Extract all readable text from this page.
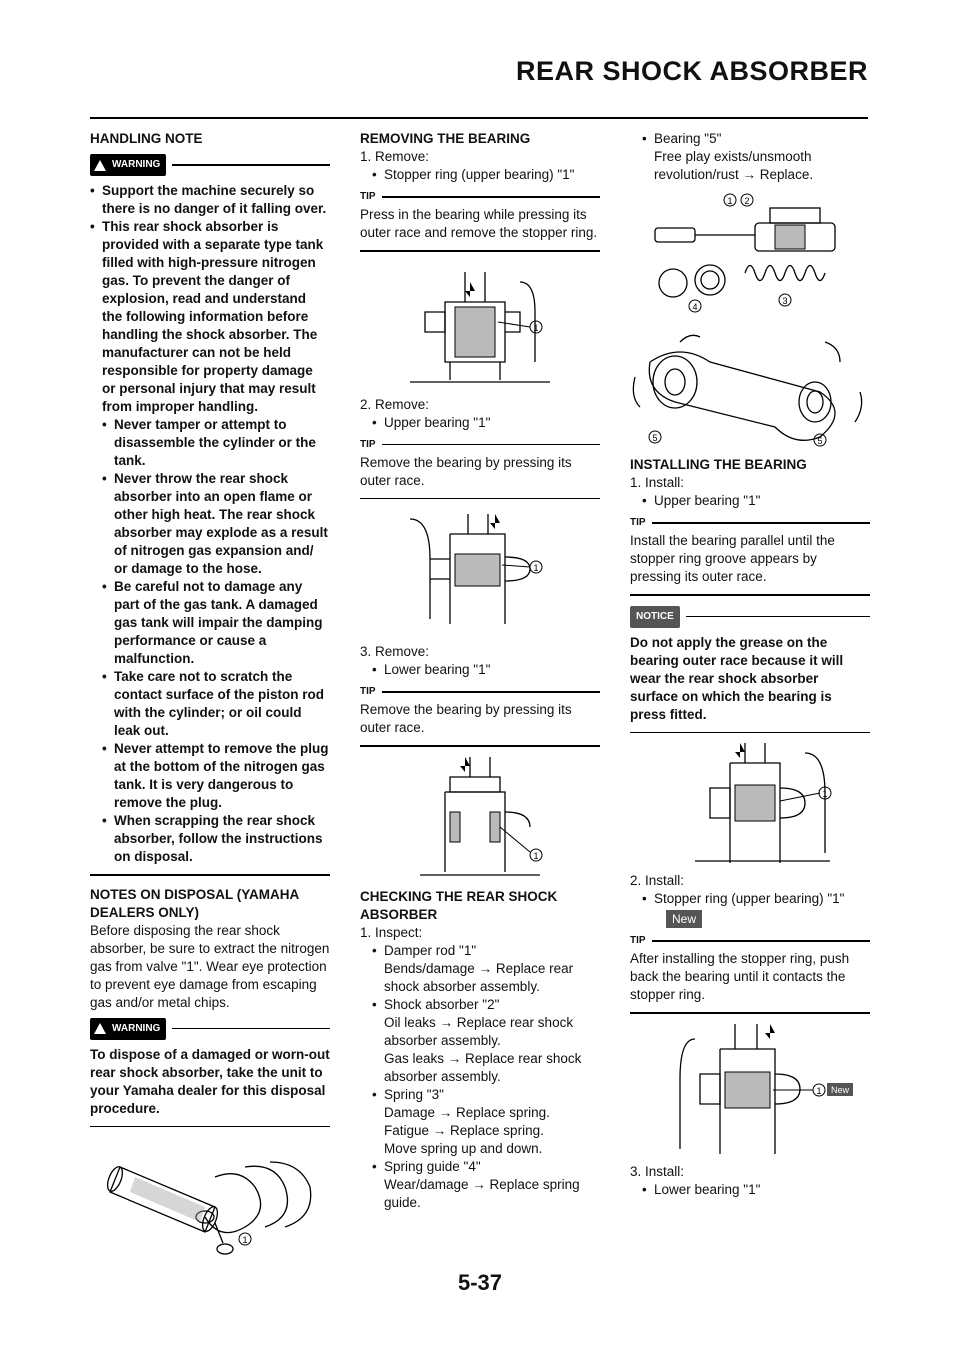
REAR SHOCK ABSORBER

HANDLING NOTE

WARNING
• Support the machine securely so there is no danger of it falling over.
• This rear shock absorber is provided with a separate type tank filled with high-pressure nitrogen gas. To prevent the danger of explosion, read and understand the following information before handling the shock absorber. The manufacturer can not be held responsible for property damage or personal injury that may result from improper handling.
• Never tamper or attempt to disassemble the cylinder or the tank.
• Never throw the rear shock absorber into an open flame or other high heat. The rear shock absorber may explode as a result of nitrogen gas expansion and/ or damage to the hose.
• Be careful not to damage any part of the gas tank. A damaged gas tank will impair the damping performance or cause a malfunction.
• Take care not to scratch the contact surface of the piston rod with the cylinder; or oil could leak out.
• Never attempt to remove the plug at the bottom of the nitrogen gas tank. It is very dangerous to remove the plug.
• When scrapping the rear shock absorber, follow the instructions on disposal.

NOTES ON DISPOSAL (YAMAHA DEALERS ONLY)

Before disposing the rear shock absorber, be sure to extract the nitrogen gas from valve "1". Wear eye protection to prevent eye damage from escaping gas and/or metal chips.

WARNING

To dispose of a damaged or worn-out rear shock absorber, take the unit to your Yamaha dealer for this disposal procedure.

1

REMOVING THE BEARING

1. Remove:

• Stopper ring (upper bearing) "1"
TIP

Press in the bearing while pressing its outer race and remove the stopper ring.

1

2. Remove:

• Upper bearing "1"
TIP

Remove the bearing by pressing its outer race.

1

3. Remove:

• Lower bearing "1"
TIP

Remove the bearing by pressing its outer race.

1

CHECKING THE REAR SHOCK ABSORBER

1. Inspect:

• Damper rod "1"
Bends/damage → Replace rear shock absorber assembly.
• Shock absorber "2"
Oil leaks → Replace rear shock absorber assembly.
Gas leaks → Replace rear shock absorber assembly.
• Spring "3"
Damage → Replace spring.
Fatigue → Replace spring.
Move spring up and down.
• Spring guide "4"
Wear/damage → Replace spring guide.
• Bearing "5"
Free play exists/unsmooth revolution/rust → Replace.
1 2
4
3
5	5

INSTALLING THE BEARING

1. Install:

• Upper bearing "1"
TIP

Install the bearing parallel until the stopper ring groove appears by pressing its outer race.

NOTICE

Do not apply the grease on the bearing outer race because it will wear the rear shock absorber surface on which the bearing is press fitted.

1

2. Install:

• Stopper ring (upper bearing) "1"
New
TIP

After installing the stopper ring, push back the bearing until it contacts the stopper ring.

1 New

3. Install:

• Lower bearing "1"
5-37
